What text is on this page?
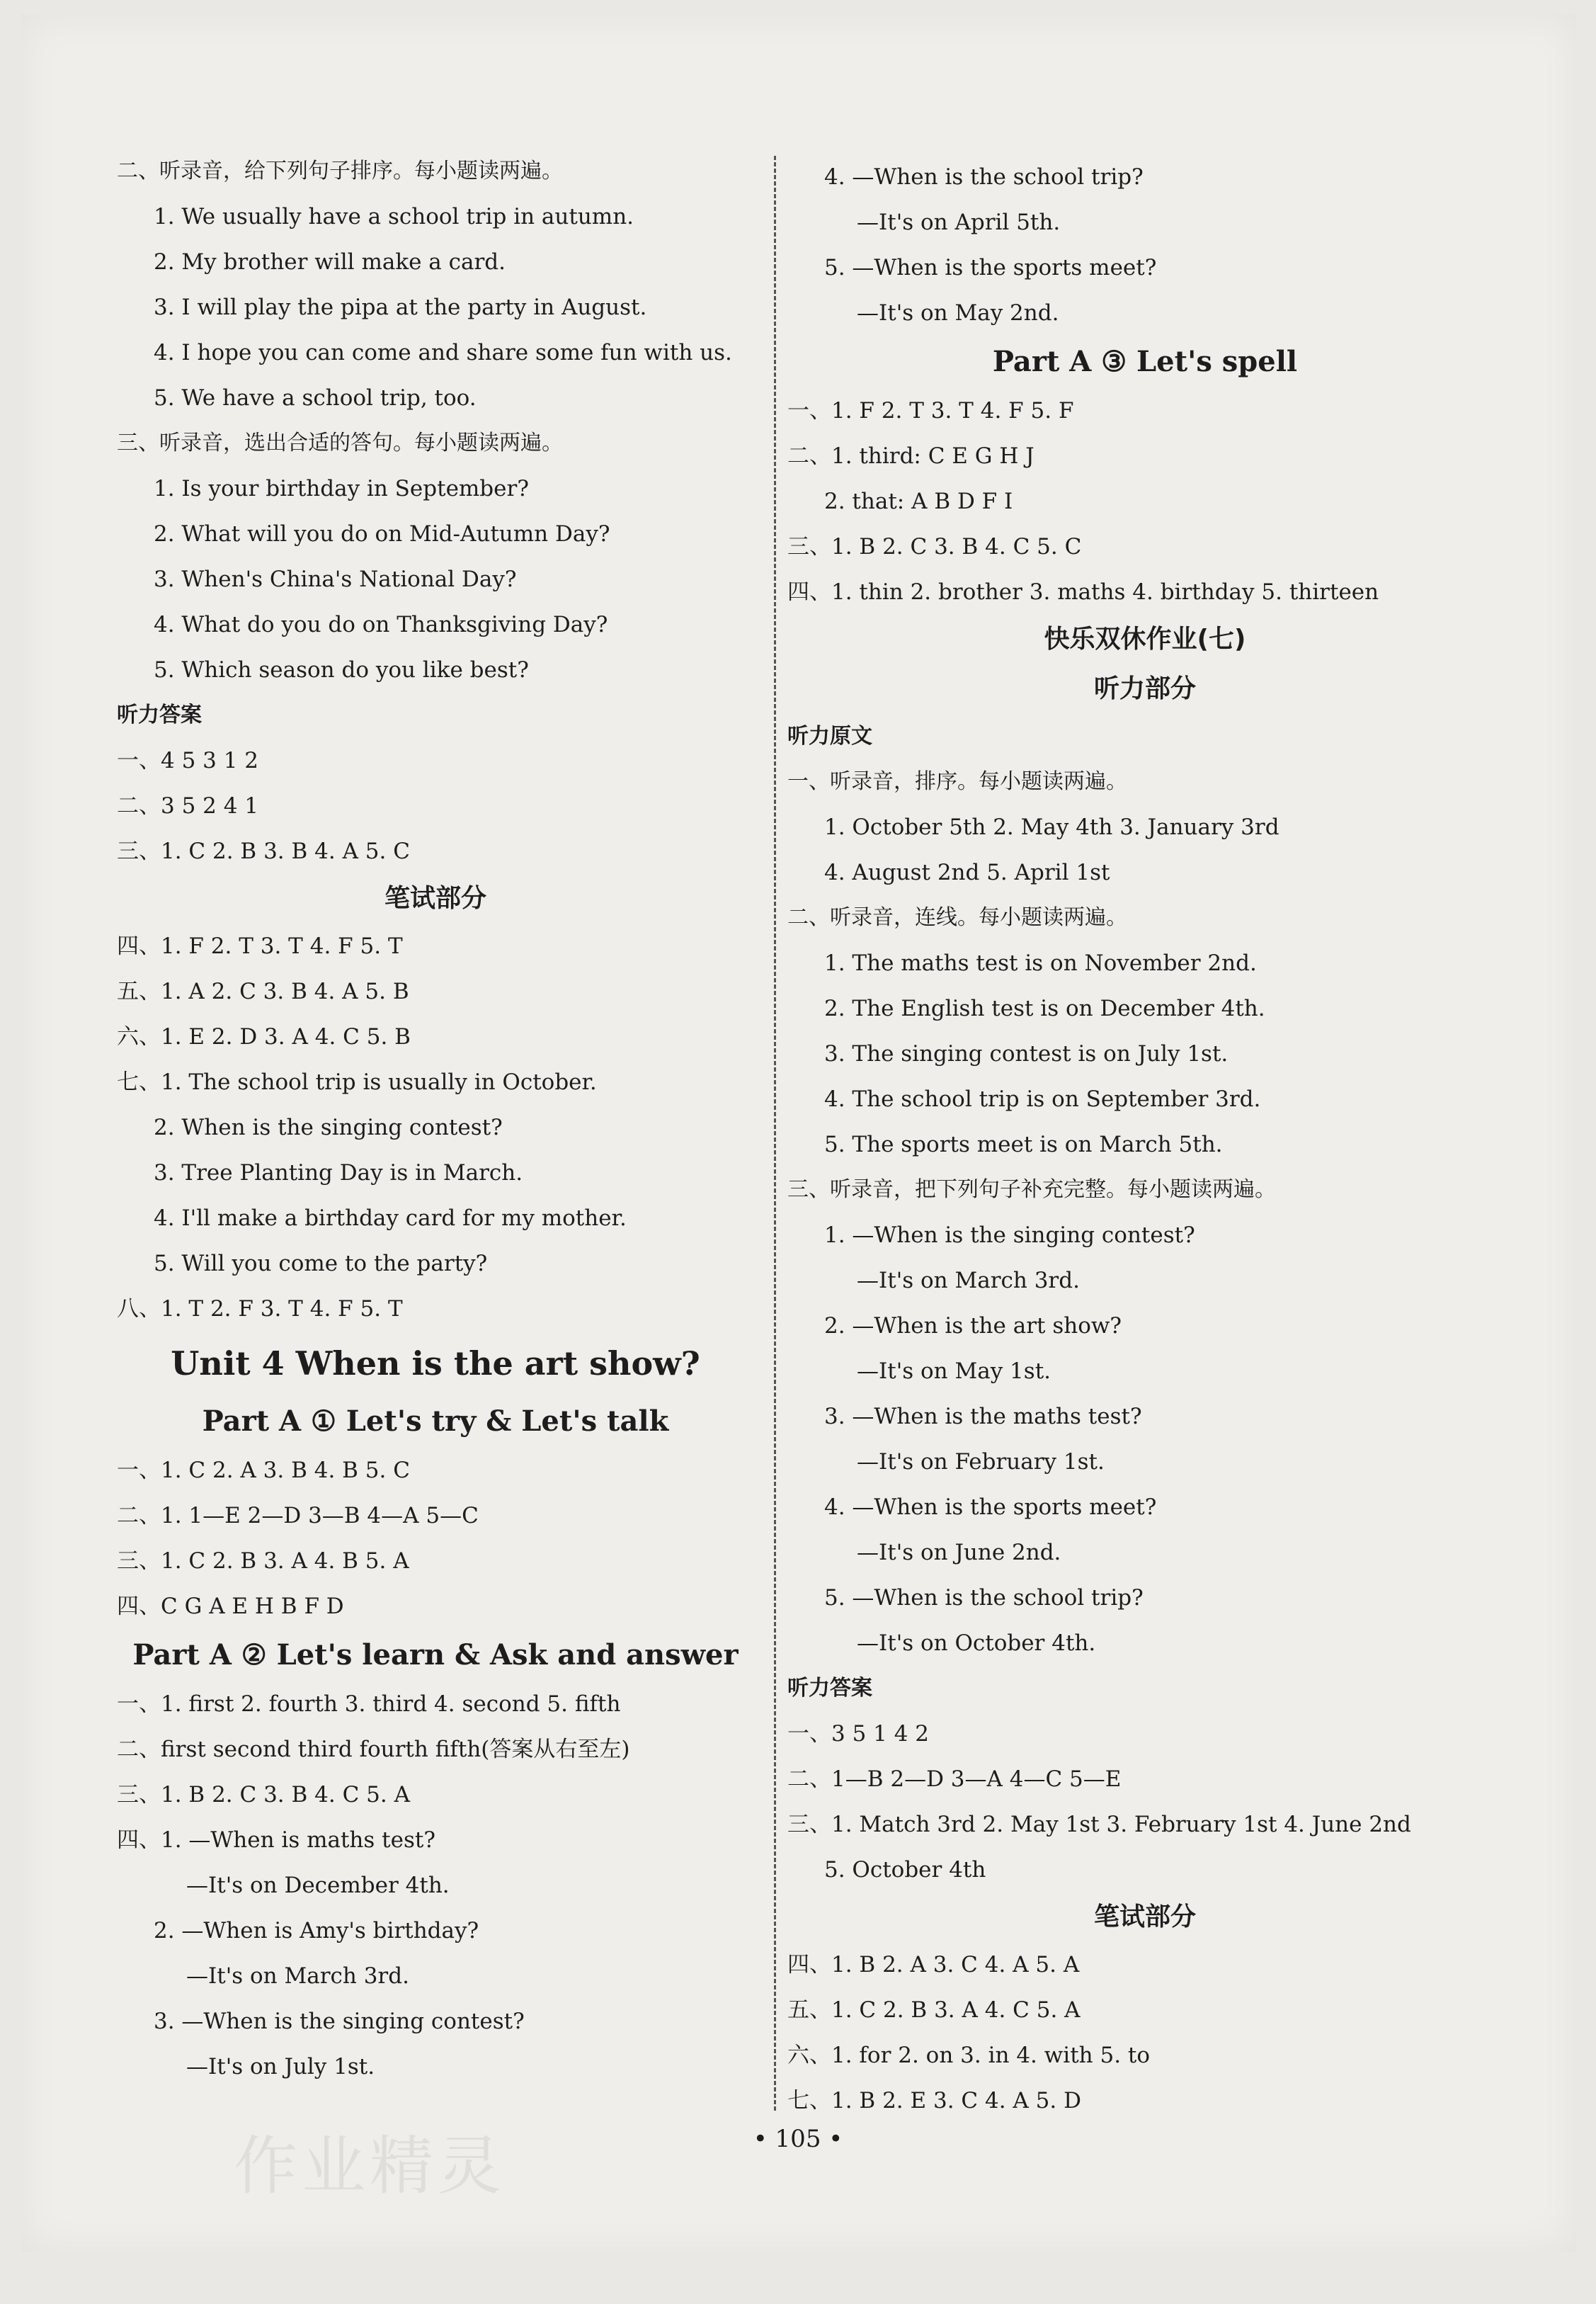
二、听录音，给下列句子排序。每小题读两遍。
1. We usually have a school trip in autumn.
2. My brother will make a card.
3. I will play the pipa at the party in August.
4. I hope you can come and share some fun with us.
5. We have a school trip, too.
三、听录音，选出合适的答句。每小题读两遍。
1. Is your birthday in September?
2. What will you do on Mid-Autumn Day?
3. When's China's National Day?
4. What do you do on Thanksgiving Day?
5. Which season do you like best?
听力答案
一、4 5 3 1 2
二、3 5 2 4 1
三、1. C 2. B 3. B 4. A 5. C
笔试部分
四、1. F 2. T 3. T 4. F 5. T
五、1. A 2. C 3. B 4. A 5. B
六、1. E 2. D 3. A 4. C 5. B
七、1. The school trip is usually in October.
2. When is the singing contest?
3. Tree Planting Day is in March.
4. I'll make a birthday card for my mother.
5. Will you come to the party?
八、1. T 2. F 3. T 4. F 5. T
Unit 4 When is the art show?
Part A ① Let's try & Let's talk
一、1. C 2. A 3. B 4. B 5. C
二、1. 1—E 2—D 3—B 4—A 5—C
三、1. C 2. B 3. A 4. B 5. A
四、C G A E H B F D
Part A ② Let's learn & Ask and answer
一、1. first 2. fourth 3. third 4. second 5. fifth
二、first second third fourth fifth(答案从右至左)
三、1. B 2. C 3. B 4. C 5. A
四、1. —When is maths test?
—It's on December 4th.
2. —When is Amy's birthday?
—It's on March 3rd.
3. —When is the singing contest?
—It's on July 1st.
4. —When is the school trip?
—It's on April 5th.
5. —When is the sports meet?
—It's on May 2nd.
Part A ③ Let's spell
一、1. F 2. T 3. T 4. F 5. F
二、1. third: C E G H J
2. that: A B D F I
三、1. B 2. C 3. B 4. C 5. C
四、1. thin 2. brother 3. maths 4. birthday 5. thirteen
快乐双休作业(七)
听力部分
听力原文
一、听录音，排序。每小题读两遍。
1. October 5th 2. May 4th 3. January 3rd
4. August 2nd 5. April 1st
二、听录音，连线。每小题读两遍。
1. The maths test is on November 2nd.
2. The English test is on December 4th.
3. The singing contest is on July 1st.
4. The school trip is on September 3rd.
5. The sports meet is on March 5th.
三、听录音，把下列句子补充完整。每小题读两遍。
1. —When is the singing contest?
—It's on March 3rd.
2. —When is the art show?
—It's on May 1st.
3. —When is the maths test?
—It's on February 1st.
4. —When is the sports meet?
—It's on June 2nd.
5. —When is the school trip?
—It's on October 4th.
听力答案
一、3 5 1 4 2
二、1—B 2—D 3—A 4—C 5—E
三、1. Match 3rd 2. May 1st 3. February 1st 4. June 2nd
5. October 4th
笔试部分
四、1. B 2. A 3. C 4. A 5. A
五、1. C 2. B 3. A 4. C 5. A
六、1. for 2. on 3. in 4. with 5. to
七、1. B 2. E 3. C 4. A 5. D
作业精灵	• 105 •
